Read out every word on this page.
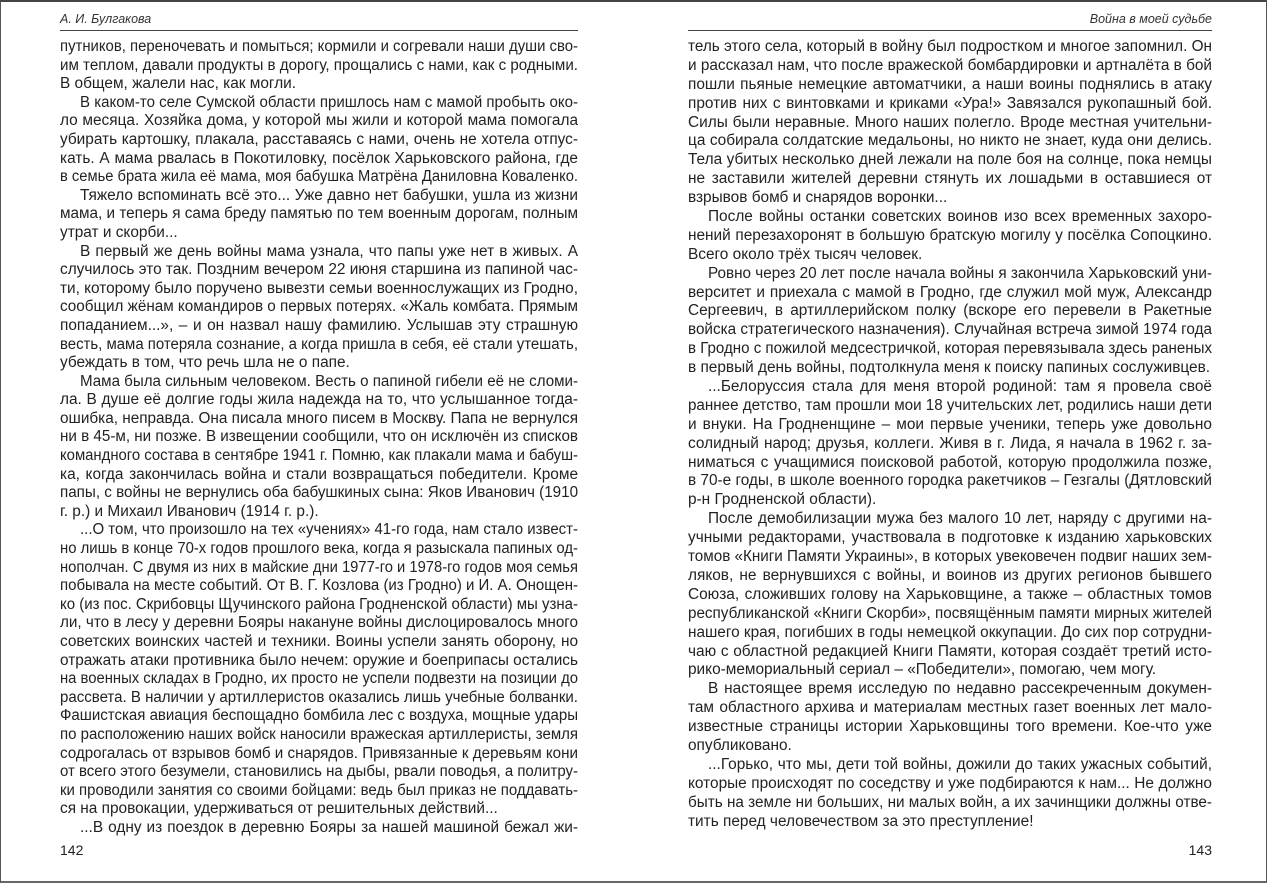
А. И. Булгакова
путников, переночевать и помыться; кормили и согревали наши души сво-
им теплом, давали продукты в дорогу, прощались с нами, как с родными.
В общем, жалели нас, как могли.
В каком-то селе Сумской области пришлось нам с мамой пробыть око-
ло месяца. Хозяйка дома, у которой мы жили и которой мама помогала
убирать картошку, плакала, расставаясь с нами, очень не хотела отпус-
кать. А мама рвалась в Покотиловку, посёлок Харьковского района, где
в семье брата жила её мама, моя бабушка Матрёна Даниловна Коваленко.
Тяжело вспоминать всё это... Уже давно нет бабушки, ушла из жизни
мама, и теперь я сама бреду памятью по тем военным дорогам, полным
утрат и скорби...
В первый же день войны мама узнала, что папы уже нет в живых. А
случилось это так. Поздним вечером 22 июня старшина из папиной час-
ти, которому было поручено вывезти семьи военнослужащих из Гродно,
сообщил жёнам командиров о первых потерях. «Жаль комбата. Прямым
попаданием...», – и он назвал нашу фамилию. Услышав эту страшную
весть, мама потеряла сознание, а когда пришла в себя, её стали утешать,
убеждать в том, что речь шла не о папе.
Мама была сильным человеком. Весть о папиной гибели её не сломи-
ла. В душе её долгие годы жила надежда на то, что услышанное тогда-
ошибка, неправда. Она писала много писем в Москву. Папа не вернулся
ни в 45-м, ни позже. В извещении сообщили, что он исключён из списков
командного состава в сентябре 1941 г. Помню, как плакали мама и бабуш-
ка, когда закончилась война и стали возвращаться победители. Кроме
папы, с войны не вернулись оба бабушкиных сына: Яков Иванович (1910
г. р.) и Михаил Иванович (1914 г. р.).
...О том, что произошло на тех «учениях» 41-го года, нам стало извест-
но лишь в конце 70-х годов прошлого века, когда я разыскала папиных од-
нополчан. С двумя из них в майские дни 1977-го и 1978-го годов моя семья
побывала на месте событий. От В. Г. Козлова (из Гродно) и И. А. Онощен-
ко (из пос. Скрибовцы Щучинского района Гродненской области) мы узна-
ли, что в лесу у деревни Бояры накануне войны дислоцировалось много
советских воинских частей и техники. Воины успели занять оборону, но
отражать атаки противника было нечем: оружие и боеприпасы остались
на военных складах в Гродно, их просто не успели подвезти на позиции до
рассвета. В наличии у артиллеристов оказались лишь учебные болванки.
Фашистская авиация беспощадно бомбила лес с воздуха, мощные удары
по расположению наших войск наносили вражеская артиллеристы, земля
содрогалась от взрывов бомб и снарядов. Привязанные к деревьям кони
от всего этого безумели, становились на дыбы, рвали поводья, а политру-
ки проводили занятия со своими бойцами: ведь был приказ не поддавать-
ся на провокации, удерживаться от решительных действий...
...В одну из поездок в деревню Бояры за нашей машиной бежал жи-
142
Война в моей судьбе
тель этого села, который в войну был подростком и многое запомнил. Он
и рассказал нам, что после вражеской бомбардировки и артналёта в бой
пошли пьяные немецкие автоматчики, а наши воины поднялись в атаку
против них с винтовками и криками «Ура!» Завязался рукопашный бой.
Силы были неравные. Много наших полегло. Вроде местная учительни-
ца собирала солдатские медальоны, но никто не знает, куда они делись.
Тела убитых несколько дней лежали на поле боя на солнце, пока немцы
не заставили жителей деревни стянуть их лошадьми в оставшиеся от
взрывов бомб и снарядов воронки...
После войны останки советских воинов изо всех временных захоро-
нений перезахоронят в большую братскую могилу у посёлка Сопоцкино.
Всего около трёх тысяч человек.
Ровно через 20 лет после начала войны я закончила Харьковский уни-
верситет и приехала с мамой в Гродно, где служил мой муж, Александр
Сергеевич, в артиллерийском полку (вскоре его перевели в Ракетные
войска стратегического назначения). Случайная встреча зимой 1974 года
в Гродно с пожилой медсестричкой, которая перевязывала здесь раненых
в первый день войны, подтолкнула меня к поиску папиных сослуживцев.
...Белоруссия стала для меня второй родиной: там я провела своё
раннее детство, там прошли мои 18 учительских лет, родились наши дети
и внуки. На Гродненщине – мои первые ученики, теперь уже довольно
солидный народ; друзья, коллеги. Живя в г. Лида, я начала в 1962 г. за-
ниматься с учащимися поисковой работой, которую продолжила позже,
в 70-е годы, в школе военного городка ракетчиков – Гезгалы (Дятловский
р-н Гродненской области).
После демобилизации мужа без малого 10 лет, наряду с другими на-
учными редакторами, участвовала в подготовке к изданию харьковских
томов «Книги Памяти Украины», в которых увековечен подвиг наших зем-
ляков, не вернувшихся с войны, и воинов из других регионов бывшего
Союза, сложивших голову на Харьковщине, а также – областных томов
республиканской «Книги Скорби», посвящённым памяти мирных жителей
нашего края, погибших в годы немецкой оккупации. До сих пор сотрудни-
чаю с областной редакцией Книги Памяти, которая создаёт третий исто-
рико-мемориальный сериал – «Победители», помогаю, чем могу.
В настоящее время исследую по недавно рассекреченным докумен-
там областного архива и материалам местных газет военных лет мало-
известные страницы истории Харьковщины того времени. Кое-что уже
опубликовано.
...Горько, что мы, дети той войны, дожили до таких ужасных событий,
которые происходят по соседству и уже подбираются к нам... Не должно
быть на земле ни больших, ни малых войн, а их зачинщики должны отве-
тить перед человечеством за это преступление!
143
